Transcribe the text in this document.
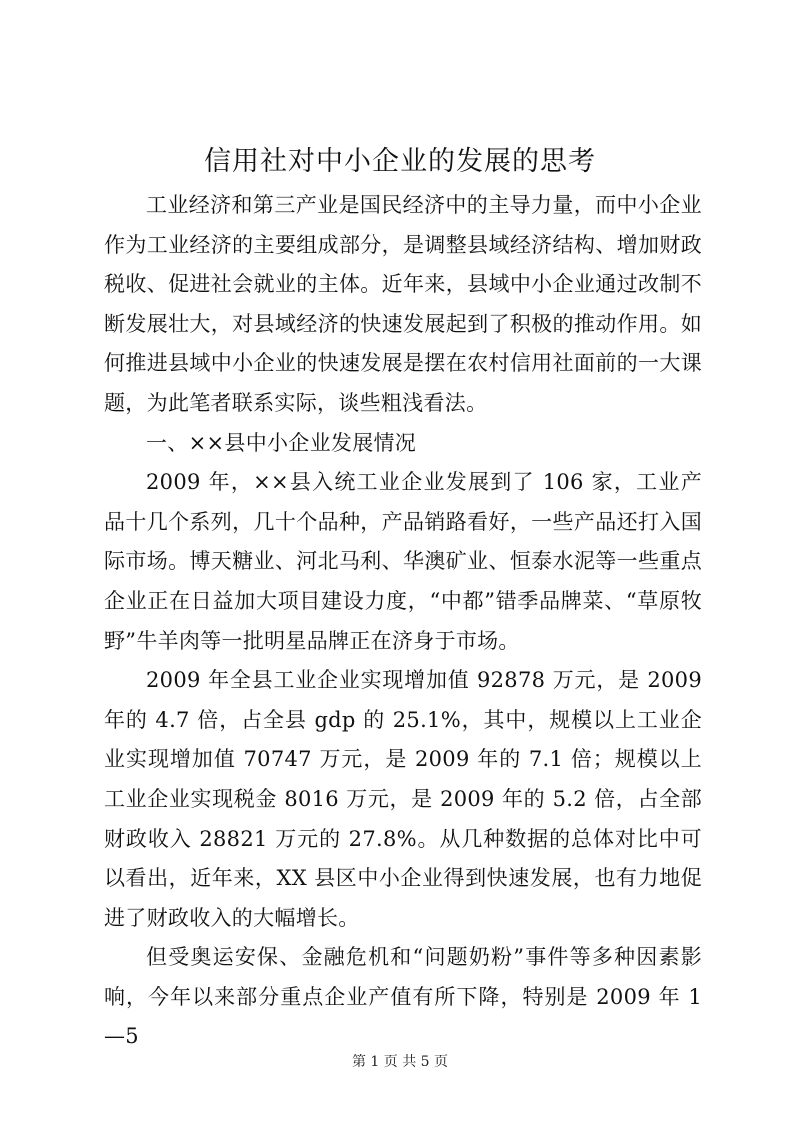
信用社对中小企业的发展的思考

工业经济和第三产业是国民经济中的主导力量，而中小企业作为工业经济的主要组成部分，是调整县域经济结构、增加财政税收、促进社会就业的主体。近年来，县域中小企业通过改制不断发展壮大，对县域经济的快速发展起到了积极的推动作用。如何推进县域中小企业的快速发展是摆在农村信用社面前的一大课题，为此笔者联系实际，谈些粗浅看法。

一、××县中小企业发展情况

2009 年，××县入统工业企业发展到了 106 家，工业产品十几个系列，几十个品种，产品销路看好，一些产品还打入国际市场。博天糖业、河北马利、华澳矿业、恒泰水泥等一些重点企业正在日益加大项目建设力度，“中都”错季品牌菜、“草原牧野”牛羊肉等一批明星品牌正在济身于市场。

2009 年全县工业企业实现增加值 92878 万元，是 2009 年的 4.7 倍，占全县 gdp 的 25.1%，其中，规模以上工业企业实现增加值 70747 万元，是 2009 年的 7.1 倍；规模以上工业企业实现税金 8016 万元，是 2009 年的 5.2 倍，占全部财政收入 28821 万元的 27.8%。从几种数据的总体对比中可以看出，近年来，XX 县区中小企业得到快速发展，也有力地促进了财政收入的大幅增长。

但受奥运安保、金融危机和“问题奶粉”事件等多种因素影响，今年以来部分重点企业产值有所下降，特别是 2009 年 1—5

第 1 页 共 5 页
